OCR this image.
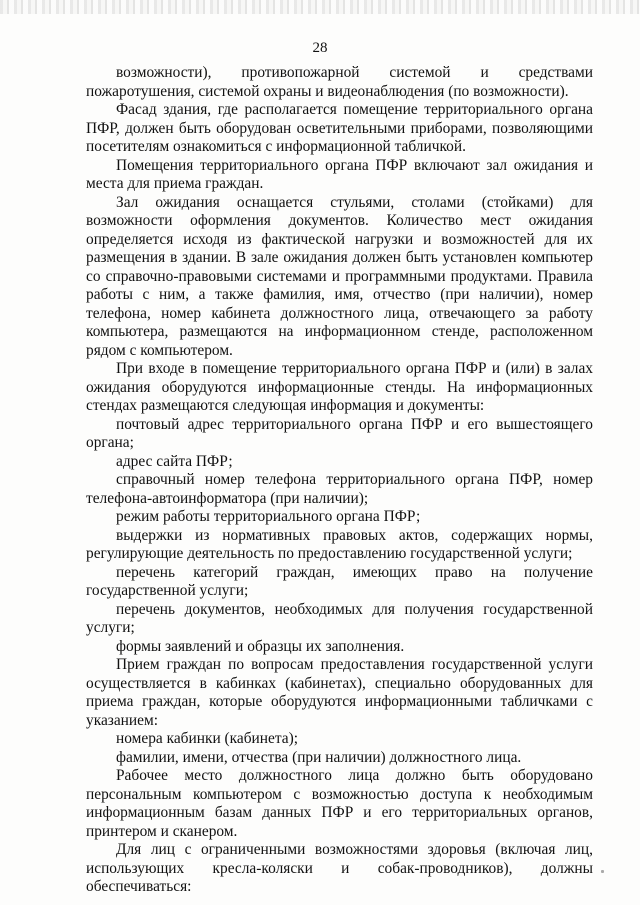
28

возможности), противопожарной системой и средствами пожаротушения, системой охраны и видеонаблюдения (по возможности).

Фасад здания, где располагается помещение территориального органа ПФР, должен быть оборудован осветительными приборами, позволяющими посетителям ознакомиться с информационной табличкой.

Помещения территориального органа ПФР включают зал ожидания и места для приема граждан.

Зал ожидания оснащается стульями, столами (стойками) для возможности оформления документов. Количество мест ожидания определяется исходя из фактической нагрузки и возможностей для их размещения в здании. В зале ожидания должен быть установлен компьютер со справочно-правовыми системами и программными продуктами. Правила работы с ним, а также фамилия, имя, отчество (при наличии), номер телефона, номер кабинета должностного лица, отвечающего за работу компьютера, размещаются на информационном стенде, расположенном рядом с компьютером.

При входе в помещение территориального органа ПФР и (или) в залах ожидания оборудуются информационные стенды. На информационных стендах размещаются следующая информация и документы:

почтовый адрес территориального органа ПФР и его вышестоящего органа;

адрес сайта ПФР;

справочный номер телефона территориального органа ПФР, номер телефона-автоинформатора (при наличии);

режим работы территориального органа ПФР;

выдержки из нормативных правовых актов, содержащих нормы, регулирующие деятельность по предоставлению государственной услуги;

перечень категорий граждан, имеющих право на получение государственной услуги;

перечень документов, необходимых для получения государственной услуги;

формы заявлений и образцы их заполнения.

Прием граждан по вопросам предоставления государственной услуги осуществляется в кабинках (кабинетах), специально оборудованных для приема граждан, которые оборудуются информационными табличками с указанием:

номера кабинки (кабинета);

фамилии, имени, отчества (при наличии) должностного лица.

Рабочее место должностного лица должно быть оборудовано персональным компьютером с возможностью доступа к необходимым информационным базам данных ПФР и его территориальных органов, принтером и сканером.

Для лиц с ограниченными возможностями здоровья (включая лиц, использующих кресла-коляски и собак-проводников), должны обеспечиваться:
